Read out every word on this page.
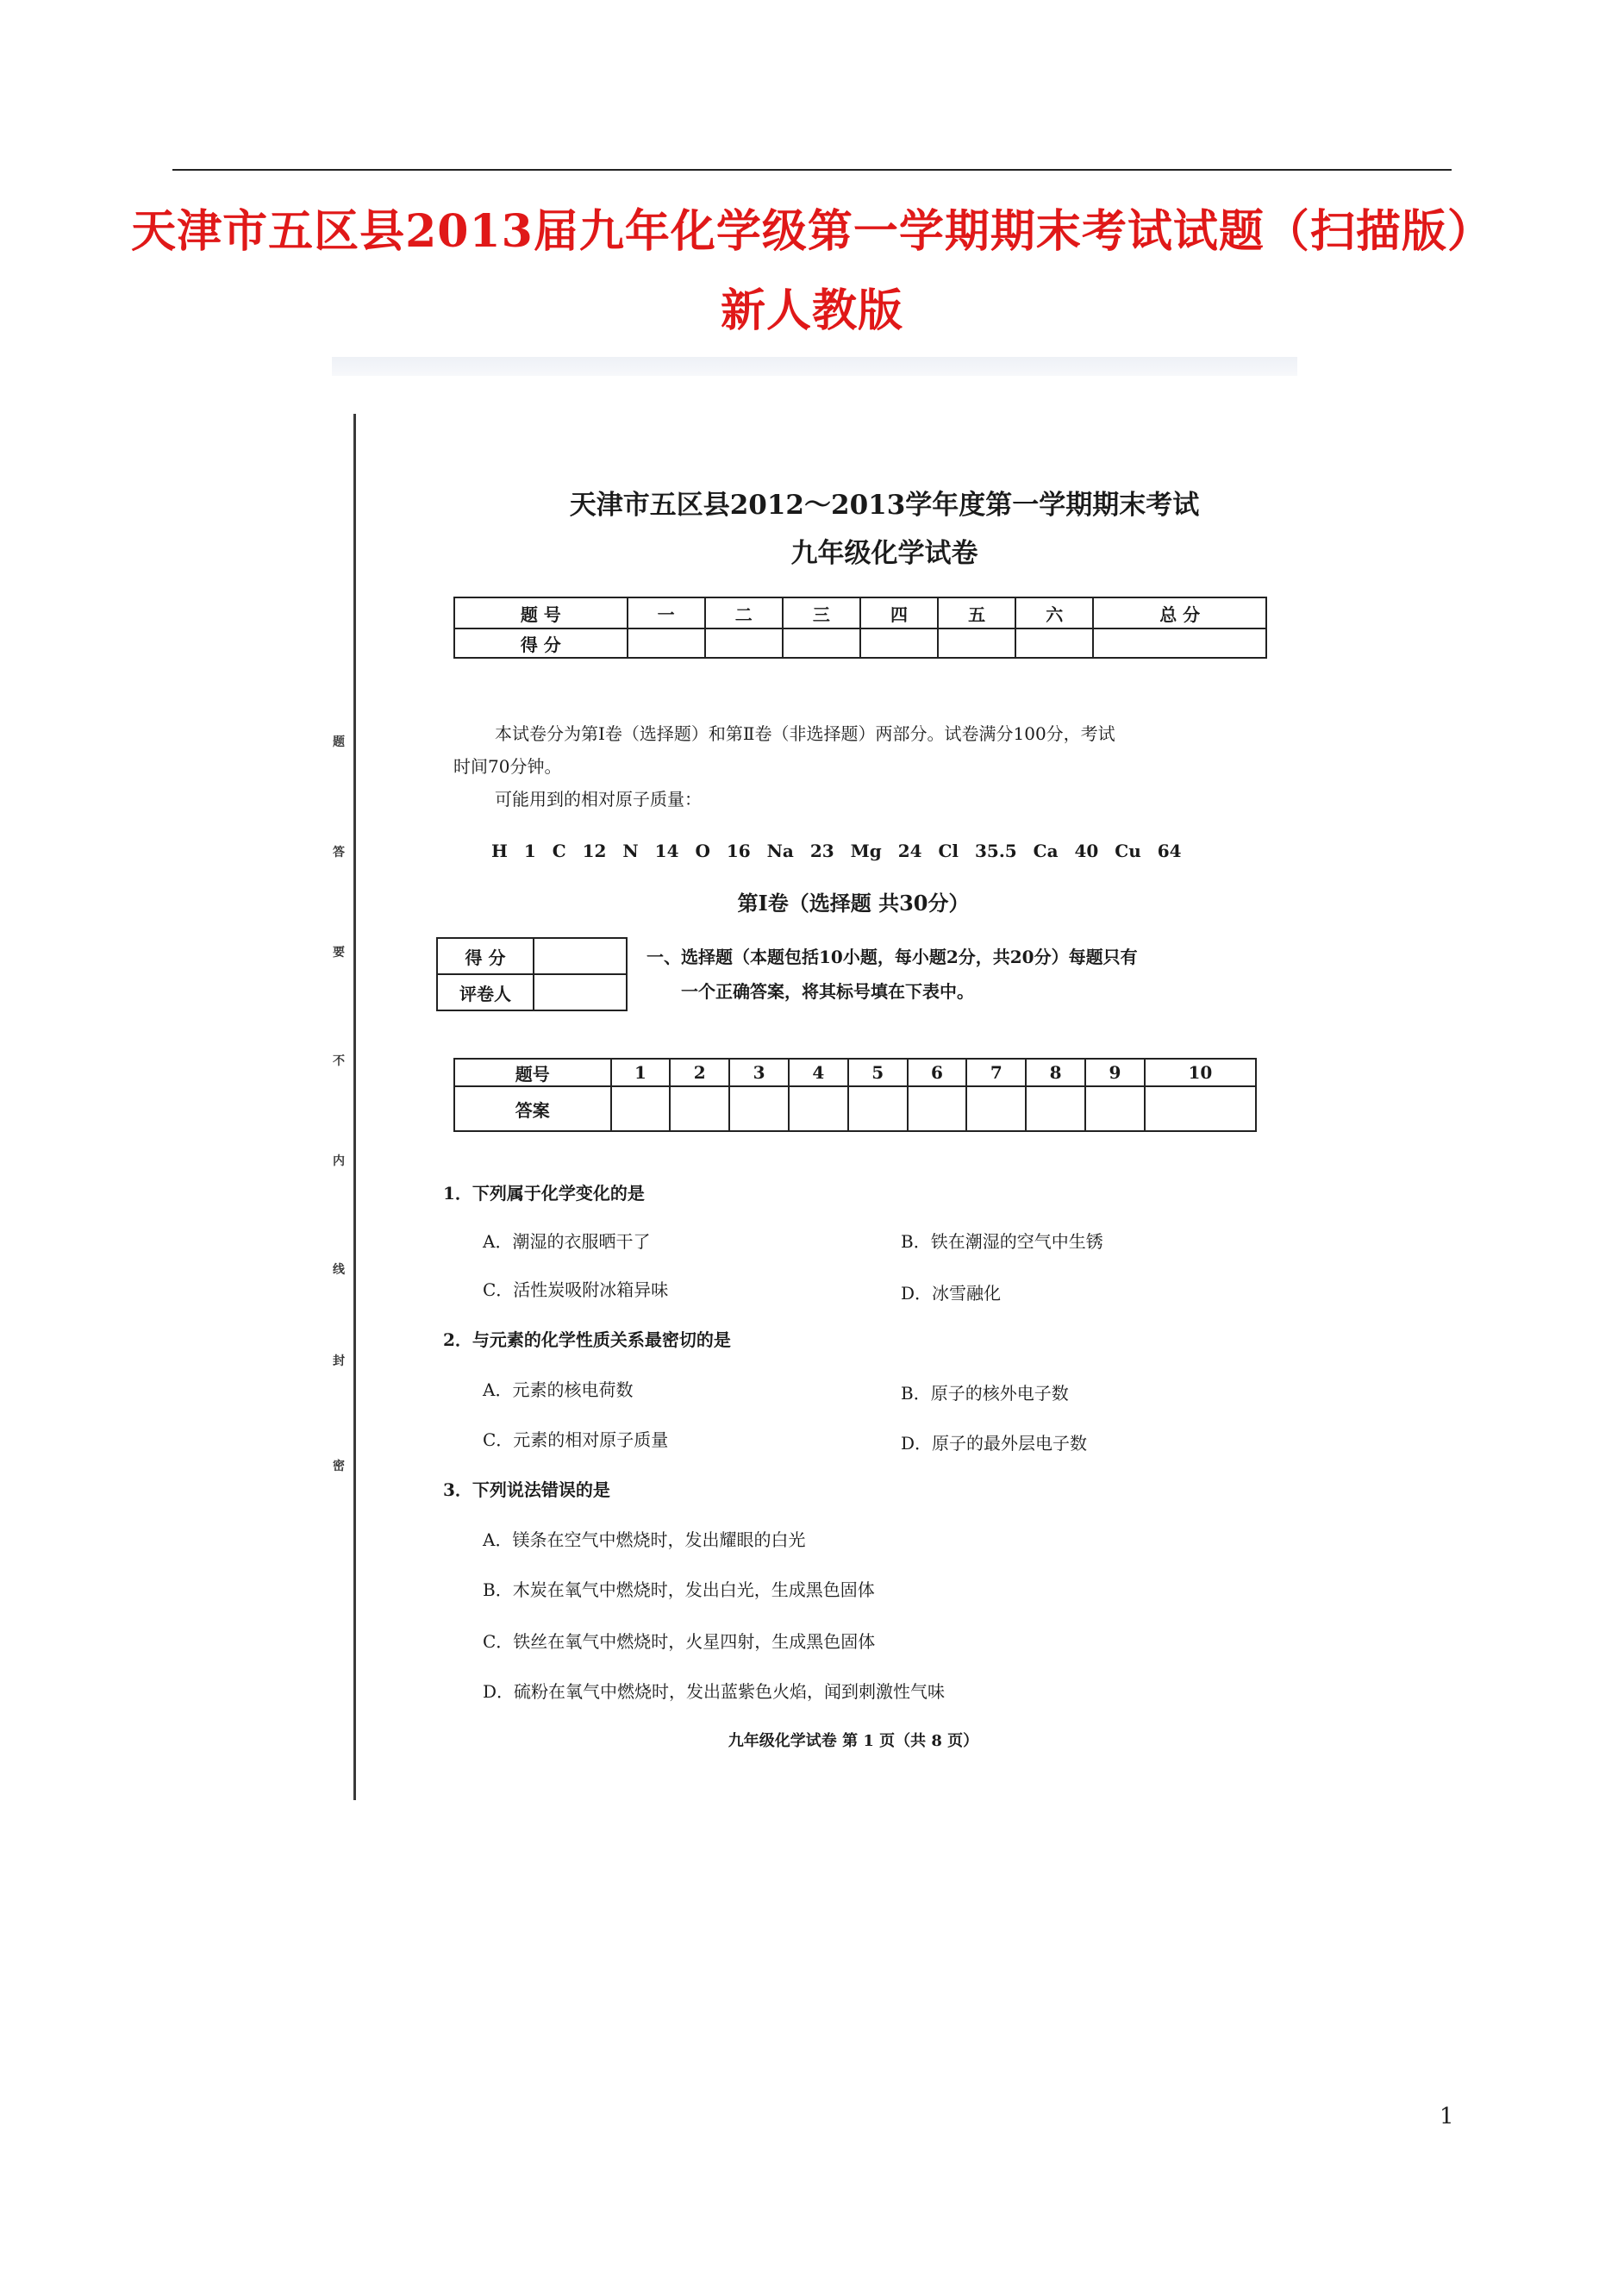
天津市五区县2013届九年化学级第一学期期末考试试题（扫描版）
新人教版
题
答
要
不
内
线
封
密
天津市五区县2012～2013学年度第一学期期末考试
九年级化学试卷
题 号	一	二	三	四	五	六	总 分
得 分							
本试卷分为第Ⅰ卷（选择题）和第Ⅱ卷（非选择题）两部分。试卷满分100分，考试
时间70分钟。
可能用到的相对原子质量：
H 1 C 12 N 14 O 16 Na 23 Mg 24 Cl 35.5 Ca 40 Cu 64
第Ⅰ卷（选择题 共30分）
得 分	
评卷人	
一、选择题（本题包括10小题，每小题2分，共20分）每题只有
一个正确答案，将其标号填在下表中。
题号	1	2	3	4	5	6	7	8	9	10
答案										
1．下列属于化学变化的是
A．潮湿的衣服晒干了	B．铁在潮湿的空气中生锈
C．活性炭吸附冰箱异味	D．冰雪融化
2．与元素的化学性质关系最密切的是
A．元素的核电荷数	B．原子的核外电子数
C．元素的相对原子质量	D．原子的最外层电子数
3．下列说法错误的是
A．镁条在空气中燃烧时，发出耀眼的白光
B．木炭在氧气中燃烧时，发出白光，生成黑色固体
C．铁丝在氧气中燃烧时，火星四射，生成黑色固体
D．硫粉在氧气中燃烧时，发出蓝紫色火焰，闻到刺激性气味
九年级化学试卷 第 1 页（共 8 页）
1
